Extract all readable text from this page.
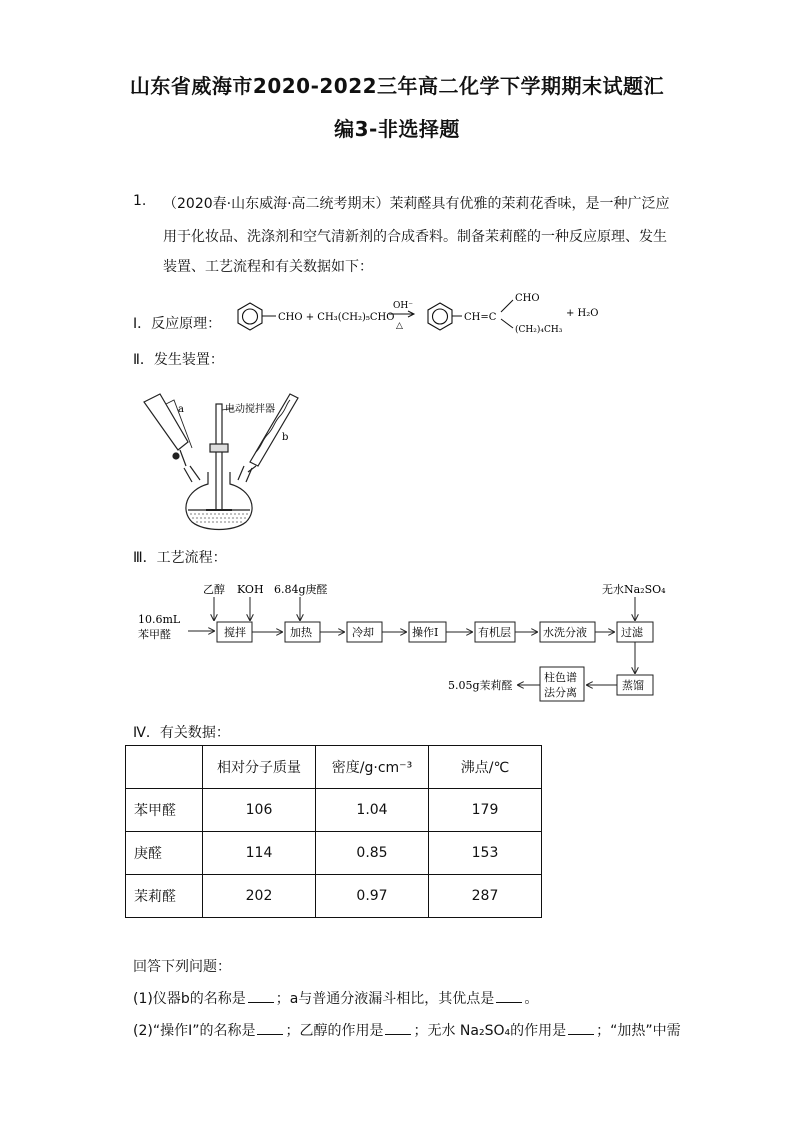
山东省威海市2020-2022三年高二化学下学期期末试题汇
编3-非选择题
1. （2020春·山东威海·高二统考期末）茉莉醛具有优雅的茉莉花香味，是一种广泛应
用于化妆品、洗涤剂和空气清新剂的合成香料。制备茉莉醛的一种反应原理、发生
装置、工艺流程和有关数据如下：
Ⅰ．反应原理：	CHO + CH₃(CH₂)₅CHO
OH⁻
△
CH=C
CHO
(CH₂)₄CH₃
+ H₂O
Ⅱ．发生装置：
电动搅拌器
a
b
Ⅲ．工艺流程：
乙醇 KOH 6.84g庚醛	无水Na₂SO₄
10.6mL
苯甲醛	搅拌	加热	冷却	操作I	有机层	水洗分液	过滤
蒸馏
柱色谱
法分离
5.05g茉莉醛
Ⅳ．有关数据：
	相对分子质量	密度/g·cm⁻³	沸点/℃
苯甲醛	106	1.04	179
庚醛	114	0.85	153
茉莉醛	202	0.97	287
回答下列问题：
(1)仪器b的名称是 ；a与普通分液漏斗相比，其优点是 。
(2)“操作I”的名称是 ；乙醇的作用是 ；无水 Na₂SO₄的作用是 ；“加热”中需
